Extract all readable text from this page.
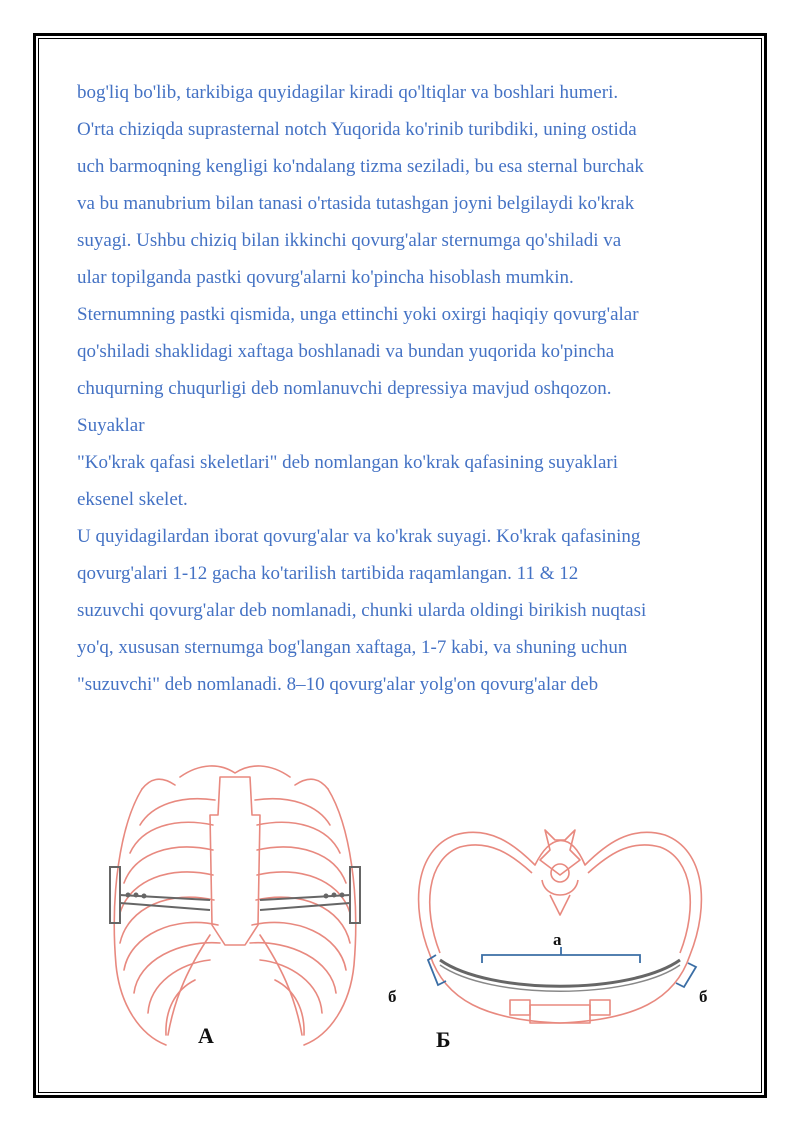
bog'liq bo'lib, tarkibiga quyidagilar kiradi qo'ltiqlar va boshlari humeri.

O'rta chiziqda suprasternal notch Yuqorida ko'rinib turibdiki, uning ostida

uch barmoqning kengligi ko'ndalang tizma seziladi, bu esa sternal burchak

va bu manubrium bilan tanasi o'rtasida tutashgan joyni belgilaydi ko'krak

suyagi. Ushbu chiziq bilan ikkinchi qovurg'alar sternumga qo'shiladi va

ular topilganda pastki qovurg'alarni ko'pincha hisoblash mumkin.

Sternumning pastki qismida, unga ettinchi yoki oxirgi haqiqiy qovurg'alar

qo'shiladi shaklidagi xaftaga boshlanadi va bundan yuqorida ko'pincha

chuqurning chuqurligi deb nomlanuvchi depressiya mavjud oshqozon.

Suyaklar

"Ko'krak qafasi skeletlari" deb nomlangan ko'krak qafasining suyaklari

eksenel skelet.

U quyidagilardan iborat qovurg'alar va ko'krak suyagi. Ko'krak qafasining

qovurg'alari 1-12 gacha ko'tarilish tartibida raqamlangan. 11 & 12

suzuvchi qovurg'alar deb nomlanadi, chunki ularda oldingi birikish nuqtasi

yo'q, xususan sternumga bog'langan xaftaga, 1-7 kabi, va shuning uchun

"suzuvchi" deb nomlanadi. 8–10 qovurg'alar yolg'on qovurg'alar deb

А
а
б	б
Б
